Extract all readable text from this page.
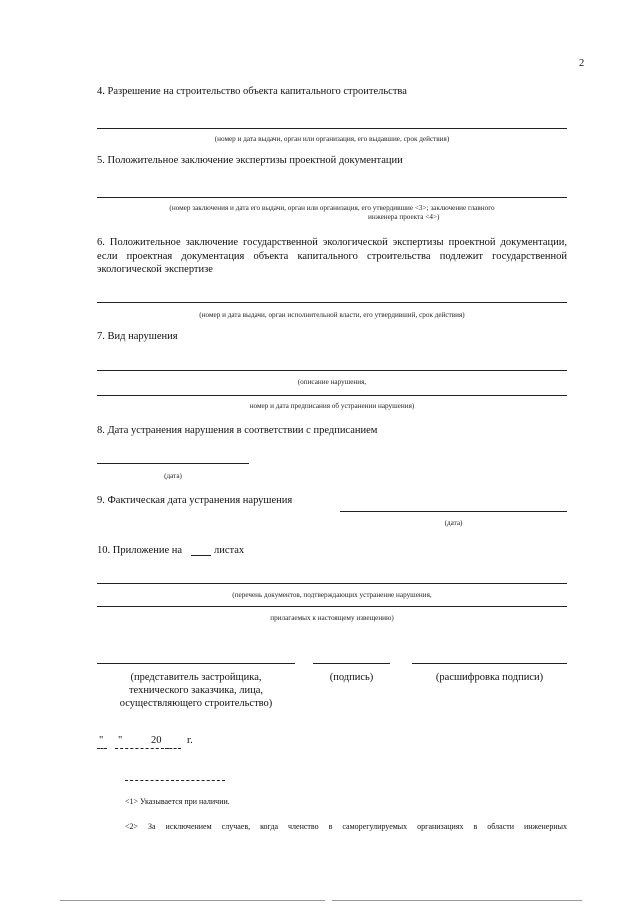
2
4. Разрешение на строительство объекта капитального строительства
(номер и дата выдачи, орган или организация, его выдавшие, срок действия)
5. Положительное заключение экспертизы проектной документации
(номер заключения и дата его выдачи, орган или организация, его утвердившие <3>; заключение главного
инженера проекта <4>)
6. Положительное заключение государственной экологической экспертизы проектной документации, если проектная документация объекта капитального строительства подлежит государственной экологической экспертизе
(номер и дата выдачи, орган исполнительной власти, его утвердивший, срок действия)
7. Вид нарушения
(описание нарушения,
номер и дата предписания об устранении нарушения)
8. Дата устранения нарушения в соответствии с предписанием
(дата)
9. Фактическая дата устранения нарушения
(дата)
10. Приложение на	листах
(перечень документов, подтверждающих устранение нарушения,
прилагаемых к настоящему извещению)
(представитель застройщика,
технического заказчика, лица,
осуществляющего строительство)
(подпись)	(расшифровка подписи)
" "	20 г.
<1> Указывается при наличии.
<2> За исключением случаев, когда членство в саморегулируемых организациях в области инженерных
